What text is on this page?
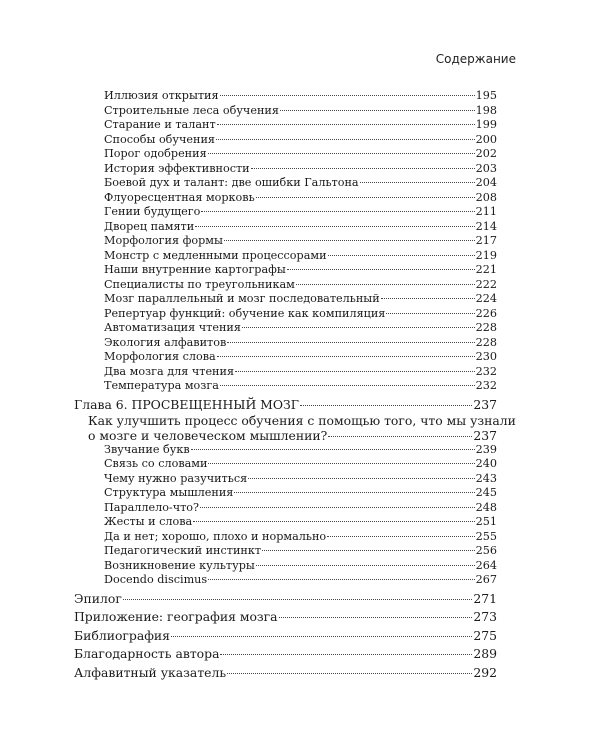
Содержание
Иллюзия открытия	195
Строительные леса обучения	198
Старание и талант	199
Способы обучения	200
Порог одобрения	202
История эффективности	203
Боевой дух и талант: две ошибки Гальтона	204
Флуоресцентная морковь	208
Гении будущего	211
Дворец памяти	214
Морфология формы	217
Монстр с медленными процессорами	219
Наши внутренние картографы	221
Специалисты по треугольникам	222
Мозг параллельный и мозг последовательный	224
Репертуар функций: обучение как компиляция	226
Автоматизация чтения	228
Экология алфавитов	228
Морфология слова	230
Два мозга для чтения	232
Температура мозга	232
Глава 6. ПРОСВЕЩЕННЫЙ МОЗГ	237
Как улучшить процесс обучения с помощью того, что мы узнали
о мозге и человеческом мышлении?	237
Звучание букв	239
Связь со словами	240
Чему нужно разучиться	243
Структура мышления	245
Параллело-что?	248
Жесты и слова	251
Да и нет; хорошо, плохо и нормально	255
Педагогический инстинкт	256
Возникновение культуры	264
Docendo discimus	267
Эпилог	271
Приложение: география мозга	273
Библиография	275
Благодарность автора	289
Алфавитный указатель	292
